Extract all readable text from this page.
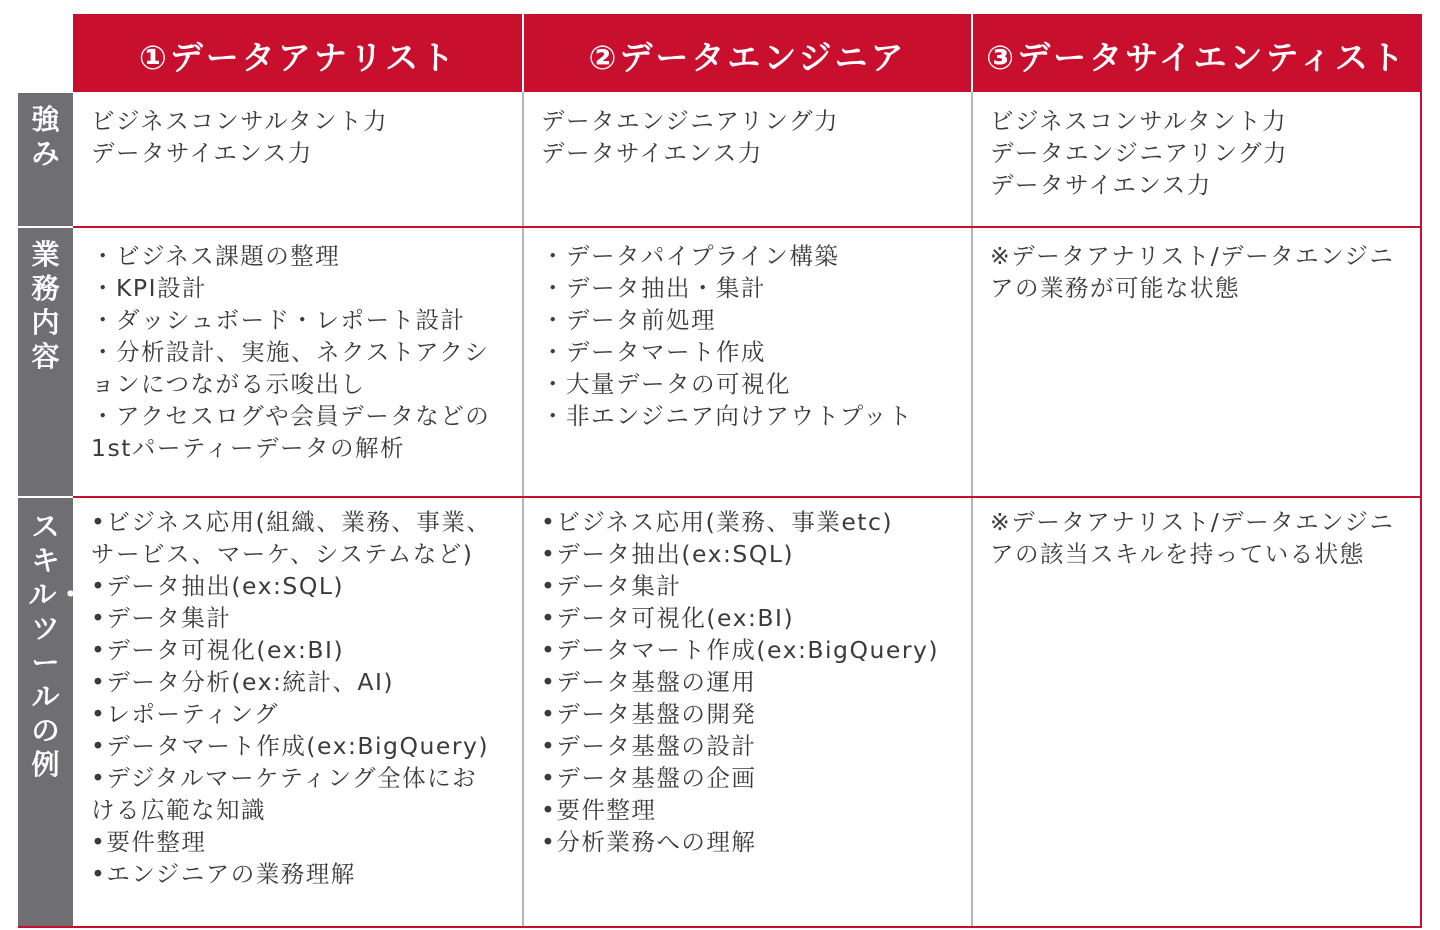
①データアナリスト	②データエンジニア	③データサイエンティスト
強み
業務内容
スキル・ツールの例
ビジネスコンサルタント力
データサイエンス力
データエンジニアリング力
データサイエンス力
ビジネスコンサルタント力
データエンジニアリング力
データサイエンス力
・ビジネス課題の整理
・KPI設計
・ダッシュボード・レポート設計
・分析設計、実施、ネクストアクションにつながる示唆出し
・アクセスログや会員データなどの1stパーティーデータの解析
・データパイプライン構築
・データ抽出・集計
・データ前処理
・データマート作成
・大量データの可視化
・非エンジニア向けアウトプット
※データアナリスト/データエンジニアの業務が可能な状態
•ビジネス応用(組織、業務、事業、サービス、マーケ、システムなど)
•データ抽出(ex:SQL)
•データ集計
•データ可視化(ex:BI)
•データ分析(ex:統計、AI)
•レポーティング
•データマート作成(ex:BigQuery)
•デジタルマーケティング全体における広範な知識
•要件整理
•エンジニアの業務理解
•ビジネス応用(業務、事業etc)
•データ抽出(ex:SQL)
•データ集計
•データ可視化(ex:BI)
•データマート作成(ex:BigQuery)
•データ基盤の運用
•データ基盤の開発
•データ基盤の設計
•データ基盤の企画
•要件整理
•分析業務への理解
※データアナリスト/データエンジニアの該当スキルを持っている状態
